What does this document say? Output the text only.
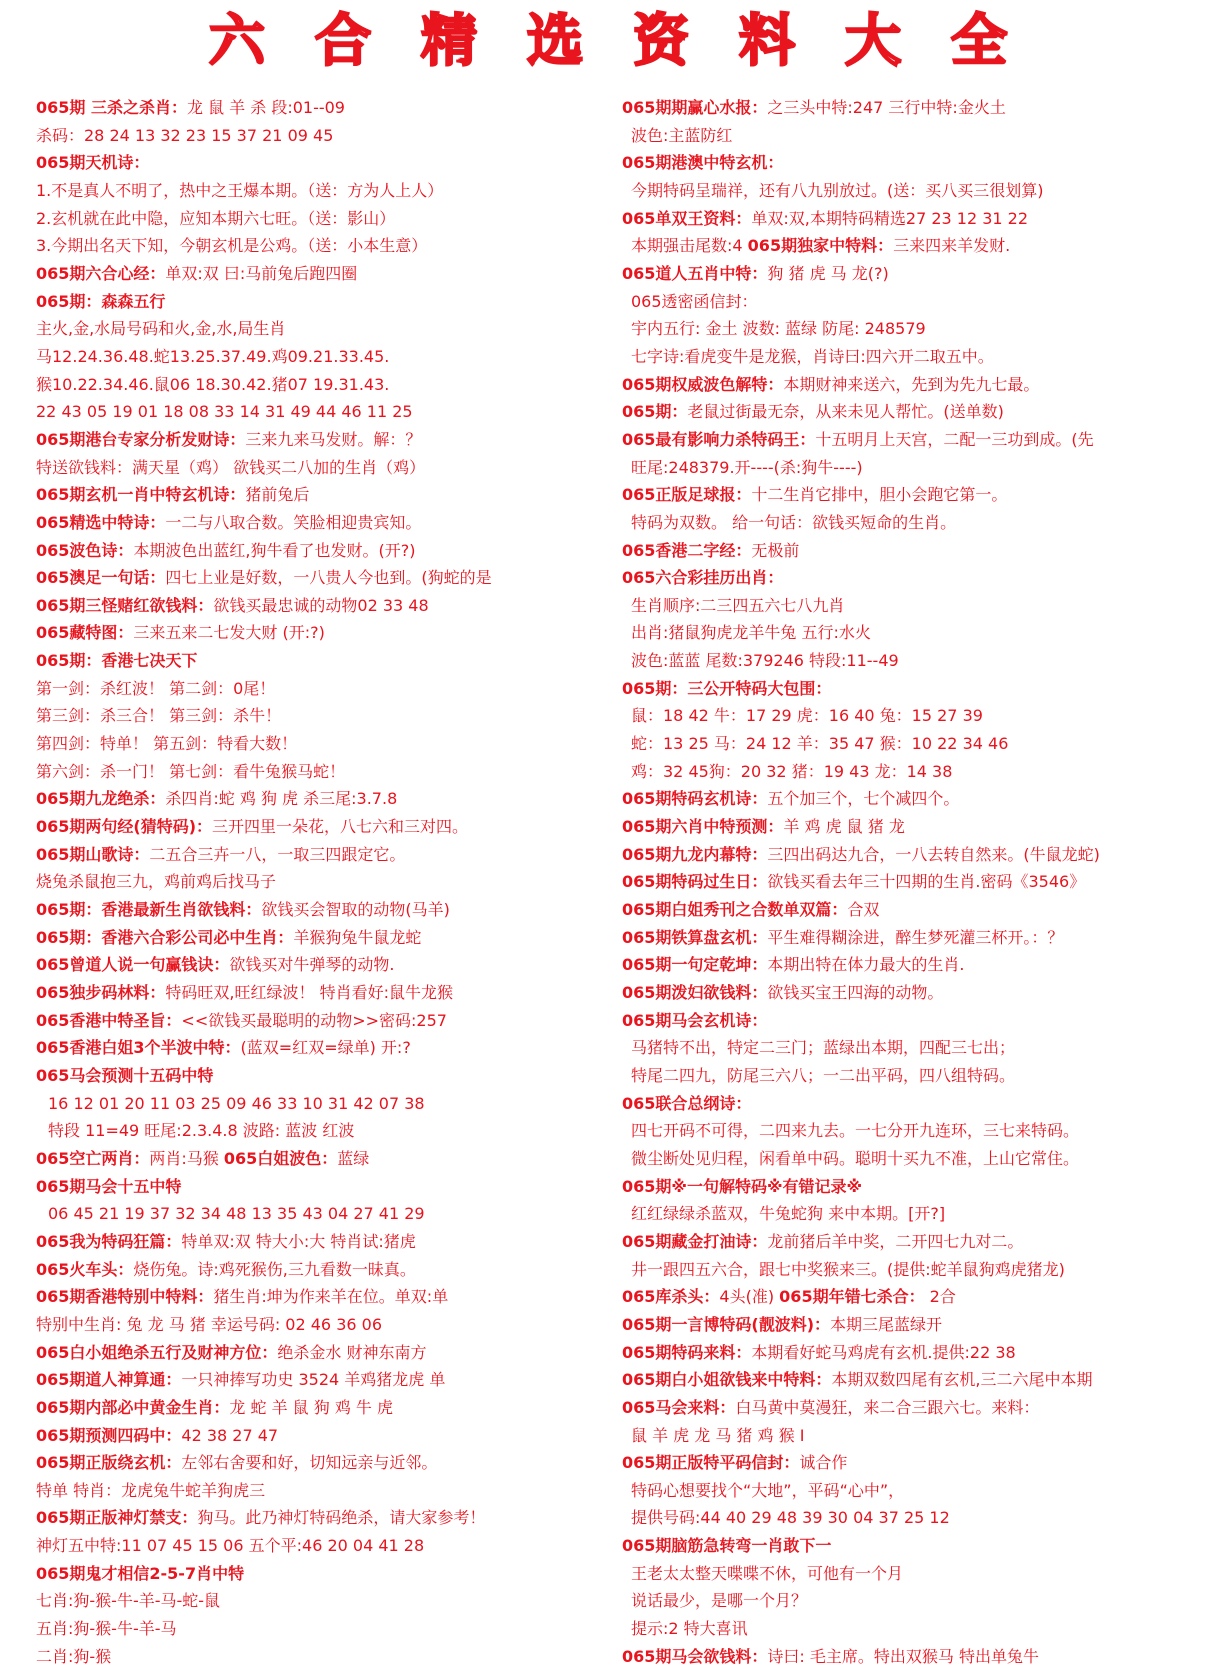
六 合 精 选 资 料 大 全
065期 三杀之杀肖：龙 鼠 羊 杀 段:01--09
杀码：28 24 13 32 23 15 37 21 09 45
065期天机诗：
1.不是真人不明了，热中之王爆本期。（送：方为人上人）
2.玄机就在此中隐，应知本期六七旺。（送：影山）
3.今期出名天下知，今朝玄机是公鸡。（送：小本生意）
065期六合心经：单双:双 曰:马前兔后跑四圈
065期：森森五行
主火,金,水局号码和火,金,水,局生肖
马12.24.36.48.蛇13.25.37.49.鸡09.21.33.45.
猴10.22.34.46.鼠06 18.30.42.猪07 19.31.43.
22 43 05 19 01 18 08 33 14 31 49 44 46 11 25
065期港台专家分析发财诗：三来九来马发财。解：？
特送欲钱料：满天星（鸡） 欲钱买二八加的生肖（鸡）
065期玄机一肖中特玄机诗：猪前兔后
065精选中特诗：一二与八取合数。笑脸相迎贵宾知。
065波色诗：本期波色出蓝红,狗牛看了也发财。(开?)
065澳足一句话：四七上业是好数，一八贵人今也到。(狗蛇的是
065期三怪赌红欲钱料：欲钱买最忠诚的动物02 33 48
065藏特图：三来五来二七发大财 (开:?)
065期：香港七决天下
第一剑：杀红波！ 第二剑：0尾！
第三剑：杀三合！ 第三剑：杀牛！
第四剑：特单！ 第五剑：特看大数！
第六剑：杀一门！ 第七剑：看牛兔猴马蛇！
065期九龙绝杀：杀四肖:蛇 鸡 狗 虎 杀三尾:3.7.8
065期两句经(猜特码)：三开四里一朵花，八七六和三对四。
065期山歌诗：二五合三卉一八，一取三四跟定它。
烧兔杀鼠抱三九，鸡前鸡后找马子
065期：香港最新生肖欲钱料：欲钱买会智取的动物(马羊)
065期：香港六合彩公司必中生肖：羊猴狗兔牛鼠龙蛇
065曾道人说一句赢钱诀：欲钱买对牛弹琴的动物.
065独步码林料：特码旺双,旺红绿波！ 特肖看好:鼠牛龙猴
065香港中特圣旨：<<欲钱买最聪明的动物>>密码:257
065香港白姐3个半波中特：(蓝双=红双=绿单) 开:?
065马会预测十五码中特
16 12 01 20 11 03 25 09 46 33 10 31 42 07 38
特段 11=49 旺尾:2.3.4.8 波路: 蓝波 红波
065空亡两肖：两肖:马猴 065白姐波色：蓝绿
065期马会十五中特
06 45 21 19 37 32 34 48 13 35 43 04 27 41 29
065我为特码狂篇：特单双:双 特大小:大 特肖试:猪虎
065火车头：烧伤兔。诗:鸡死猴伤,三九看数一昧真。
065期香港特别中特料：猪生肖:坤为作来羊在位。单双:单
特别中生肖: 兔 龙 马 猪 幸运号码: 02 46 36 06
065白小姐绝杀五行及财神方位：绝杀金水 财神东南方
065期道人神算通：一只神捧写功史 3524 羊鸡猪龙虎 单
065期内部必中黄金生肖：龙 蛇 羊 鼠 狗 鸡 牛 虎
065期预测四码中：42 38 27 47
065期正版绕玄机：左邻右舍要和好，切知远亲与近邻。
特单 特肖：龙虎兔牛蛇羊狗虎三
065期正版神灯禁支：狗马。此乃神灯特码绝杀，请大家参考！
神灯五中特:11 07 45 15 06 五个平:46 20 04 41 28
065期鬼才相信2-5-7肖中特
七肖:狗-猴-牛-羊-马-蛇-鼠
五肖:狗-猴-牛-羊-马
二肖:狗-猴
065期期赢心水报：之三头中特:247 三行中特:金火土
波色:主蓝防红
065期港澳中特玄机：
今期特码呈瑞祥，还有八九别放过。(送：买八买三很划算)
065单双王资料：单双:双,本期特码精选27 23 12 31 22
本期强击尾数:4 065期独家中特料：三来四来羊发财.
065道人五肖中特：狗 猪 虎 马 龙(?)
065透密函信封：
宇内五行: 金土 波数: 蓝绿 防尾: 248579
七字诗:看虎变牛是龙猴，肖诗曰:四六开二取五中。
065期权威波色解特：本期财神来送六，先到为先九七最。
065期：老鼠过街最无奈，从来未见人帮忙。(送单数)
065最有影响力杀特码王：十五明月上天宫，二配一三功到成。(先
旺尾:248379.开----(杀:狗牛----)
065正版足球报：十二生肖它排中，胆小会跑它第一。
特码为双数。 给一句话：欲钱买短命的生肖。
065香港二字经：无极前
065六合彩挂历出肖：
生肖顺序:二三四五六七八九肖
出肖:猪鼠狗虎龙羊牛兔 五行:水火
波色:蓝蓝 尾数:379246 特段:11--49
065期：三公开特码大包围：
鼠：18 42 牛：17 29 虎：16 40 兔：15 27 39
蛇：13 25 马：24 12 羊：35 47 猴：10 22 34 46
鸡：32 45狗：20 32 猪：19 43 龙：14 38
065期特码玄机诗：五个加三个，七个减四个。
065期六肖中特预测：羊 鸡 虎 鼠 猪 龙
065期九龙内幕特：三四出码达九合，一八去转自然来。(牛鼠龙蛇)
065期特码过生日：欲钱买看去年三十四期的生肖.密码《3546》
065期白姐秀刊之合数单双篇：合双
065期铁算盘玄机：平生难得糊涂进，醉生梦死灌三杯开。：？
065期一句定乾坤：本期出特在体力最大的生肖.
065期泼妇欲钱料：欲钱买宝王四海的动物。
065期马会玄机诗：
马猪特不出，特定二三门；蓝绿出本期，四配三七出；
特尾二四九，防尾三六八；一二出平码，四八组特码。
065联合总纲诗：
四七开码不可得，二四来九去。一七分开九连环，三七来特码。
微尘断处见归程，闲看单中码。聪明十买九不准，上山它常住。
065期※一句解特码※有错记录※
红红绿绿杀蓝双，牛兔蛇狗 来中本期。[开?]
065期藏金打油诗：龙前猪后羊中奖，二开四七九对二。
井一跟四五六合，跟七中奖猴来三。(提供:蛇羊鼠狗鸡虎猪龙)
065库杀头：4头(准) 065期年错七杀合： 2合
065期一言博特码(靓波料)：本期三尾蓝绿开
065期特码来料：本期看好蛇马鸡虎有玄机.提供:22 38
065期白小姐欲钱来中特料：本期双数四尾有玄机,三二六尾中本期
065马会来料：白马黄中莫漫狂，来二合三跟六七。来料：
鼠 羊 虎 龙 马 猪 鸡 猴 I
065期正版特平码信封：诚合作
特码心想要找个“大地”，平码“心中”，
提供号码:44 40 29 48 39 30 04 37 25 12
065期脑筋急转弯一肖敢下一
王老太太整天喋喋不休，可他有一个月
说话最少，是哪一个月？
提示:2 特大喜讯
065期马会欲钱料：诗曰: 毛主席。特出双猴马 特出单兔牛
